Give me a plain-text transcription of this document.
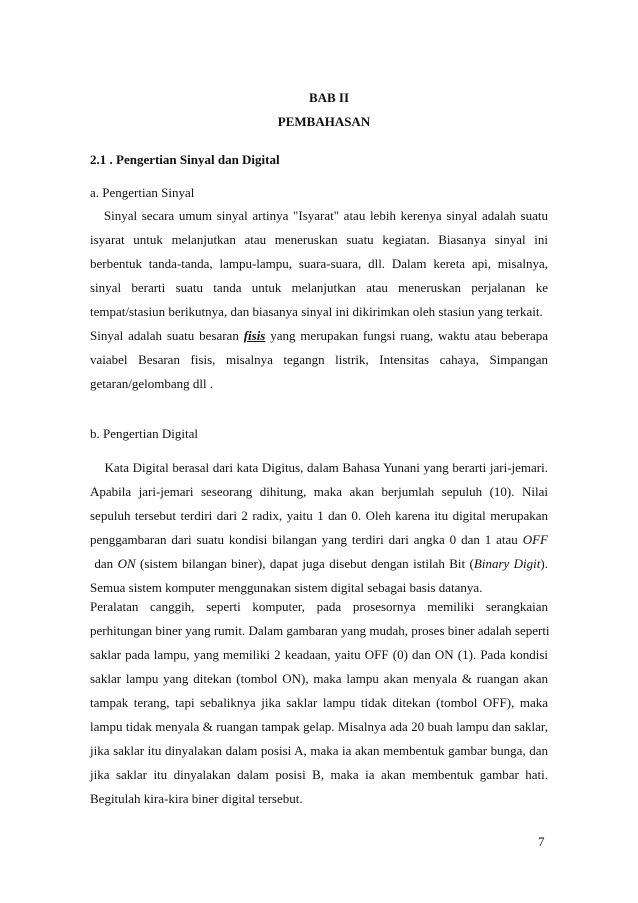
BAB II
PEMBAHASAN
2.1 . Pengertian Sinyal dan Digital
a. Pengertian Sinyal
Sinyal secara umum sinyal artinya "Isyarat" atau lebih kerenya sinyal adalah suatu
isyarat untuk melanjutkan atau meneruskan suatu kegiatan. Biasanya sinyal ini
berbentuk tanda-tanda, lampu-lampu, suara-suara, dll. Dalam kereta api, misalnya,
sinyal berarti suatu tanda untuk melanjutkan atau meneruskan perjalanan ke
tempat/stasiun berikutnya, dan biasanya sinyal ini dikirimkan oleh stasiun yang terkait.
Sinyal adalah suatu besaran fisis yang merupakan fungsi ruang, waktu atau beberapa
vaiabel Besaran fisis, misalnya tegangn listrik, Intensitas cahaya, Simpangan
getaran/gelombang dll .
b. Pengertian Digital
Kata Digital berasal dari kata Digitus, dalam Bahasa Yunani yang berarti jari-jemari.
Apabila jari-jemari seseorang dihitung, maka akan berjumlah sepuluh (10). Nilai
sepuluh tersebut terdiri dari 2 radix, yaitu 1 dan 0. Oleh karena itu digital merupakan
penggambaran dari suatu kondisi bilangan yang terdiri dari angka 0 dan 1 atau OFF
dan ON (sistem bilangan biner), dapat juga disebut dengan istilah Bit (Binary Digit).
Semua sistem komputer menggunakan sistem digital sebagai basis datanya.
Peralatan canggih, seperti komputer, pada prosesornya memiliki serangkaian
perhitungan biner yang rumit. Dalam gambaran yang mudah, proses biner adalah seperti
saklar pada lampu, yang memiliki 2 keadaan, yaitu OFF (0) dan ON (1). Pada kondisi
saklar lampu yang ditekan (tombol ON), maka lampu akan menyala & ruangan akan
tampak terang, tapi sebaliknya jika saklar lampu tidak ditekan (tombol OFF), maka
lampu tidak menyala & ruangan tampak gelap. Misalnya ada 20 buah lampu dan saklar,
jika saklar itu dinyalakan dalam posisi A, maka ia akan membentuk gambar bunga, dan
jika saklar itu dinyalakan dalam posisi B, maka ia akan membentuk gambar hati.
Begitulah kira-kira biner digital tersebut.
7
